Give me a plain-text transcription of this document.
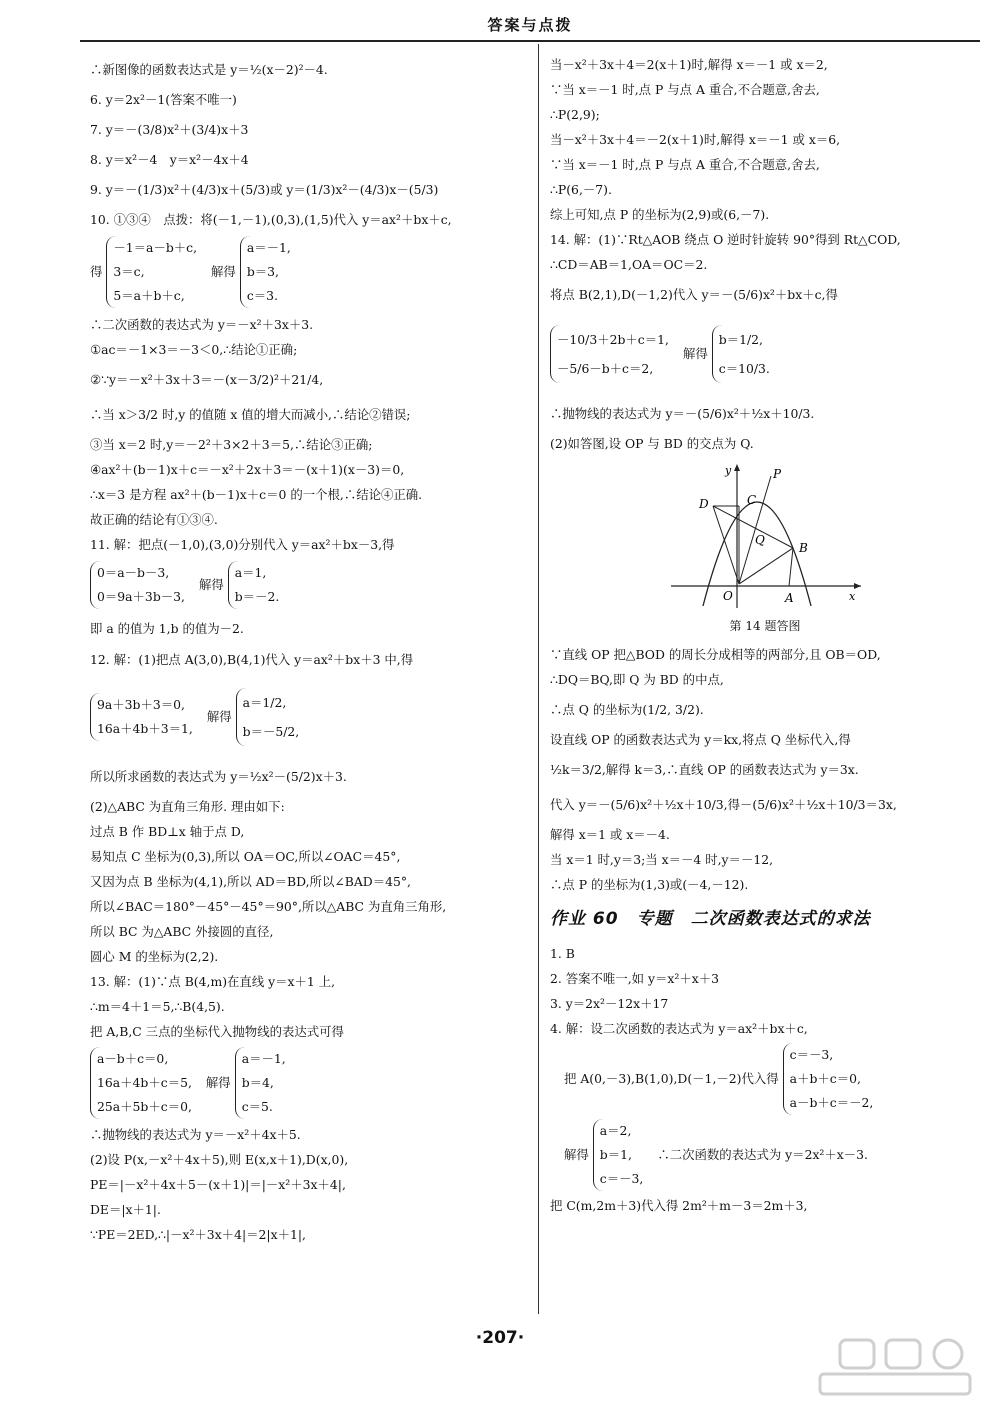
答案与点拨
∴新图像的函数表达式是 y＝½(x－2)²－4.
6. y＝2x²－1(答案不唯一)
7. y＝－(3/8)x²＋(3/4)x＋3
8. y＝x²－4　y＝x²－4x＋4
9. y＝－(1/3)x²＋(4/3)x＋(5/3)或 y＝(1/3)x²－(4/3)x－(5/3)
10. ①③④　点拨：将(－1,－1),(0,3),(1,5)代入 y＝ax²＋bx＋c,
得
－1＝a－b＋c,
3＝c,
5＝a＋b＋c,
解得
a＝－1,
b＝3,
c＝3.
∴二次函数的表达式为 y＝－x²＋3x＋3.
①ac＝－1×3＝－3＜0,∴结论①正确;
②∵y＝－x²＋3x＋3＝－(x－3/2)²＋21/4,
∴当 x＞3/2 时,y 的值随 x 值的增大而减小,∴结论②错误;
③当 x＝2 时,y＝－2²＋3×2＋3＝5,∴结论③正确;
④ax²＋(b－1)x＋c＝－x²＋2x＋3＝－(x＋1)(x－3)＝0,
∴x＝3 是方程 ax²＋(b－1)x＋c＝0 的一个根,∴结论④正确.
故正确的结论有①③④.
11. 解：把点(－1,0),(3,0)分别代入 y＝ax²＋bx－3,得
0＝a－b－3,
0＝9a＋3b－3,
解得
a＝1,
b＝－2.
即 a 的值为 1,b 的值为－2.
12. 解：(1)把点 A(3,0),B(4,1)代入 y＝ax²＋bx＋3 中,得
9a＋3b＋3＝0,
16a＋4b＋3＝1,
解得
a＝1/2,
b＝－5/2,
所以所求函数的表达式为 y＝½x²－(5/2)x＋3.
(2)△ABC 为直角三角形. 理由如下:
过点 B 作 BD⊥x 轴于点 D,
易知点 C 坐标为(0,3),所以 OA＝OC,所以∠OAC＝45°,
又因为点 B 坐标为(4,1),所以 AD＝BD,所以∠BAD＝45°,
所以∠BAC＝180°－45°－45°＝90°,所以△ABC 为直角三角形,
所以 BC 为△ABC 外接圆的直径,
圆心 M 的坐标为(2,2).
13. 解：(1)∵点 B(4,m)在直线 y＝x＋1 上,
∴m＝4＋1＝5,∴B(4,5).
把 A,B,C 三点的坐标代入抛物线的表达式可得
a－b＋c＝0,
16a＋4b＋c＝5,
25a＋5b＋c＝0,
解得
a＝－1,
b＝4,
c＝5.
∴抛物线的表达式为 y＝－x²＋4x＋5.
(2)设 P(x,－x²＋4x＋5),则 E(x,x＋1),D(x,0),
PE＝|－x²＋4x＋5－(x＋1)|＝|－x²＋3x＋4|,
DE＝|x＋1|.
∵PE＝2ED,∴|－x²＋3x＋4|＝2|x＋1|,
当－x²＋3x＋4＝2(x＋1)时,解得 x＝－1 或 x＝2,
∵当 x＝－1 时,点 P 与点 A 重合,不合题意,舍去,
∴P(2,9);
当－x²＋3x＋4＝－2(x＋1)时,解得 x＝－1 或 x＝6,
∵当 x＝－1 时,点 P 与点 A 重合,不合题意,舍去,
∴P(6,－7).
综上可知,点 P 的坐标为(2,9)或(6,－7).
14. 解：(1)∵Rt△AOB 绕点 O 逆时针旋转 90°得到 Rt△COD,
∴CD＝AB＝1,OA＝OC＝2.
将点 B(2,1),D(－1,2)代入 y＝－(5/6)x²＋bx＋c,得
－10/3＋2b＋c＝1,
－5/6－b＋c＝2,
解得
b＝1/2,
c＝10/3.
∴抛物线的表达式为 y＝－(5/6)x²＋½x＋10/3.
(2)如答图,设 OP 与 BD 的交点为 Q.
y
x
P
D	C
Q
B
O	A
第 14 题答图
∵直线 OP 把△BOD 的周长分成相等的两部分,且 OB＝OD,
∴DQ＝BQ,即 Q 为 BD 的中点,
∴点 Q 的坐标为(1/2, 3/2).
设直线 OP 的函数表达式为 y＝kx,将点 Q 坐标代入,得
½k＝3/2,解得 k＝3,∴直线 OP 的函数表达式为 y＝3x.
代入 y＝－(5/6)x²＋½x＋10/3,得－(5/6)x²＋½x＋10/3＝3x,
解得 x＝1 或 x＝－4.
当 x＝1 时,y＝3;当 x＝－4 时,y＝－12,
∴点 P 的坐标为(1,3)或(－4,－12).
作业 60　专题　二次函数表达式的求法
1. B
2. 答案不唯一,如 y＝x²＋x＋3
3. y＝2x²－12x＋17
4. 解：设二次函数的表达式为 y＝ax²＋bx＋c,
把 A(0,－3),B(1,0),D(－1,－2)代入得
c＝－3,
a＋b＋c＝0,
a－b＋c＝－2,
解得
a＝2,
b＝1,
c＝－3,
∴二次函数的表达式为 y＝2x²＋x－3.
把 C(m,2m＋3)代入得 2m²＋m－3＝2m＋3,
·207·
